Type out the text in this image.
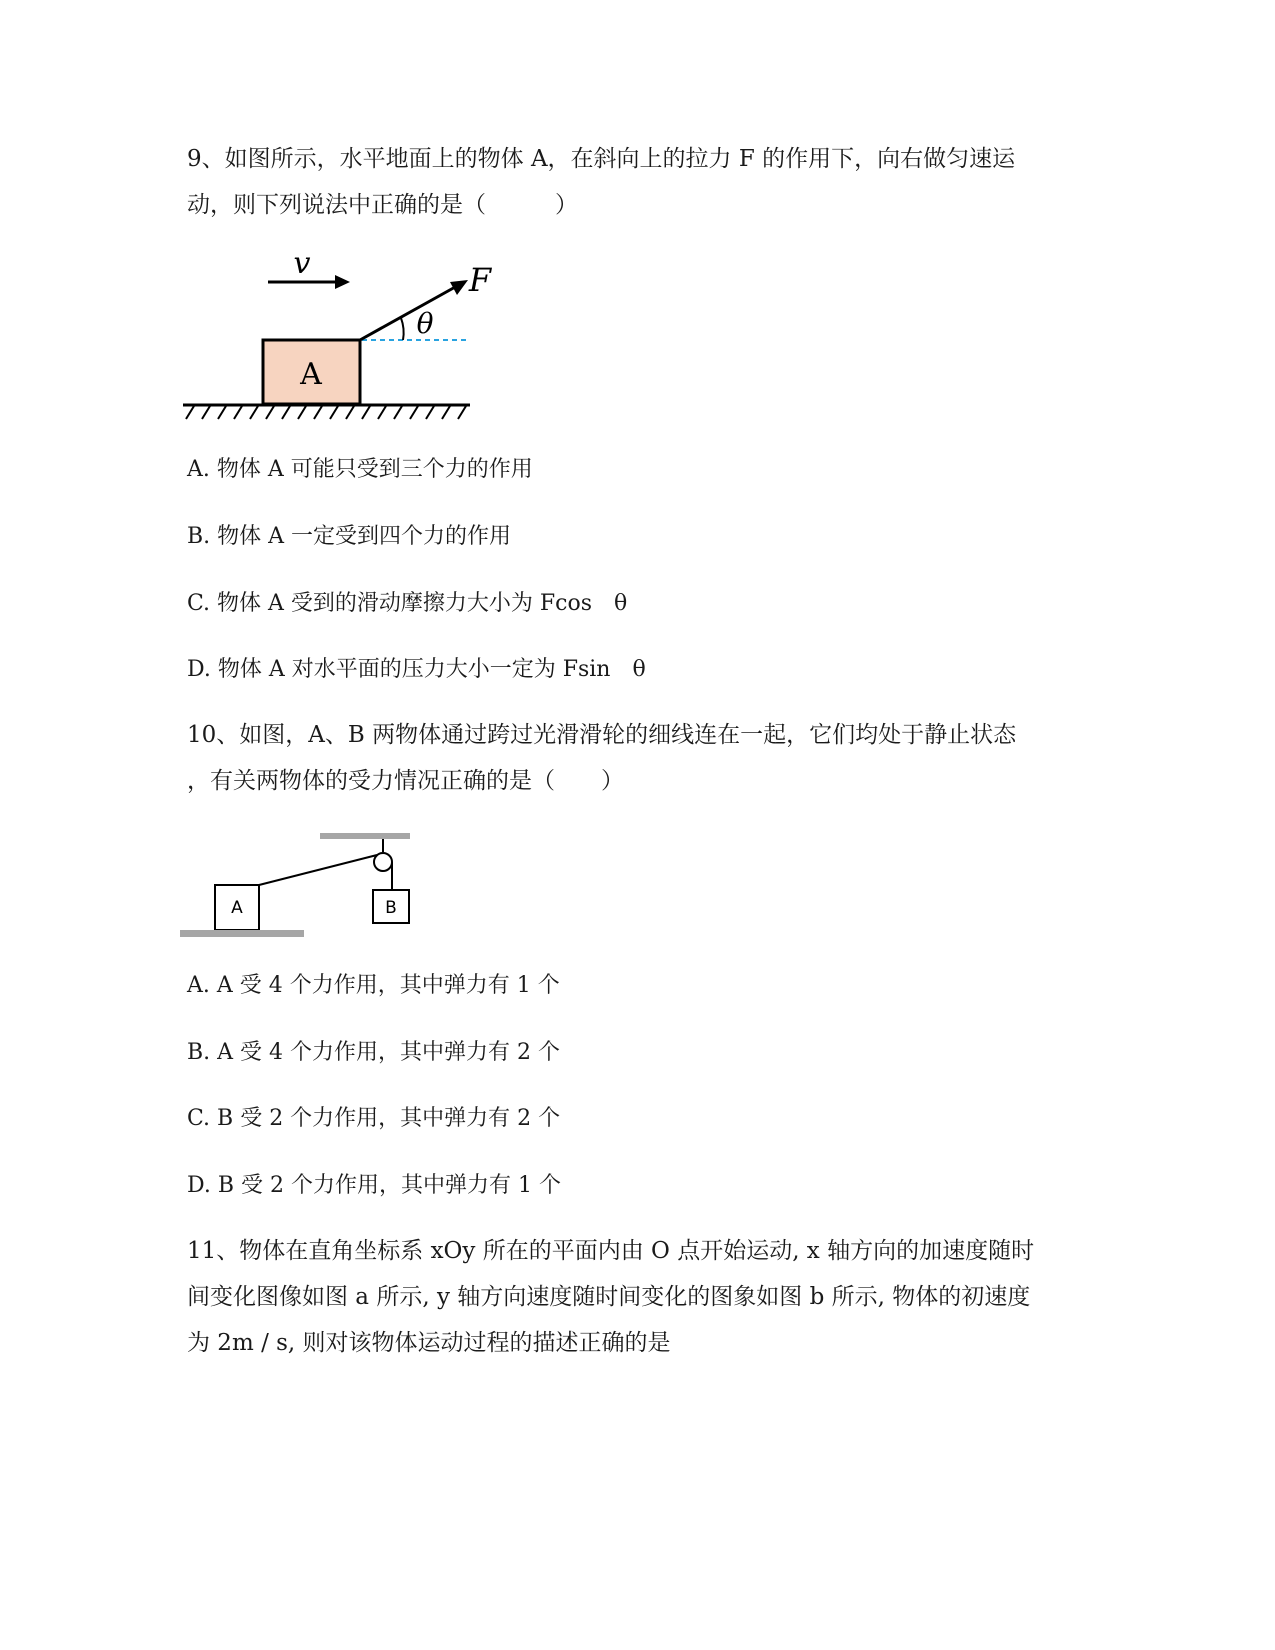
9、如图所示，水平地面上的物体 A，在斜向上的拉力 F 的作用下，向右做匀速运
动，则下列说法中正确的是（　　　）
v
A
F
θ
A. 物体 A 可能只受到三个力的作用
B. 物体 A 一定受到四个力的作用
C. 物体 A 受到的滑动摩擦力大小为 Fcos　θ
D. 物体 A 对水平面的压力大小一定为 Fsin　θ
10、如图，A、B 两物体通过跨过光滑滑轮的细线连在一起，它们均处于静止状态
，有关两物体的受力情况正确的是（　　）
B
A
A. A 受 4 个力作用，其中弹力有 1 个
B. A 受 4 个力作用，其中弹力有 2 个
C. B 受 2 个力作用，其中弹力有 2 个
D. B 受 2 个力作用，其中弹力有 1 个
11、物体在直角坐标系 xOy 所在的平面内由 O 点开始运动, x 轴方向的加速度随时
间变化图像如图 a 所示, y 轴方向速度随时间变化的图象如图 b 所示, 物体的初速度
为 2m / s, 则对该物体运动过程的描述正确的是
